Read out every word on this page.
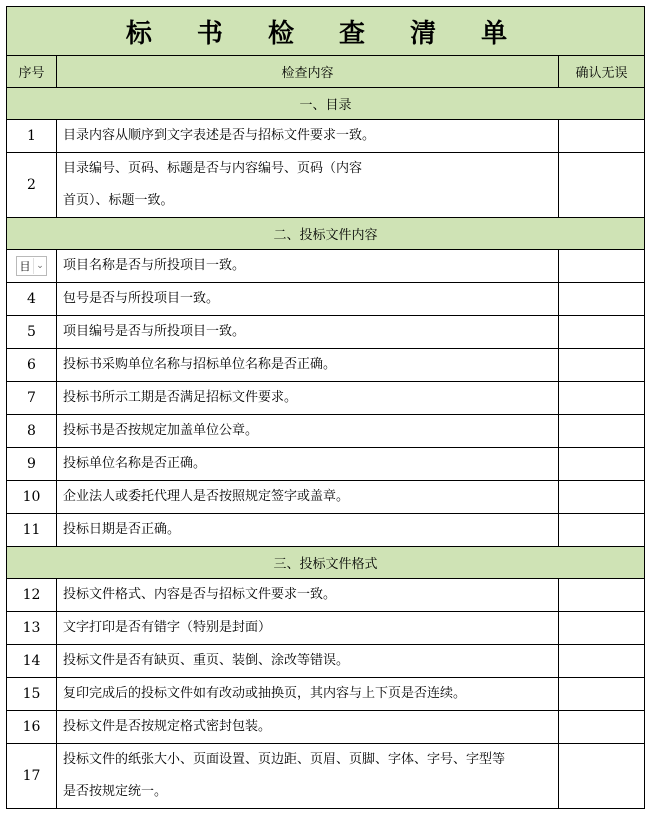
标 书 检 查 清 单		
序号	检查内容	确认无误
一、目录		
1	目录内容从顺序到文字表述是否与招标文件要求一致。	
2	目录编号、页码、标题是否与内容编号、页码（内容
首页）、标题一致。	

二、投标文件内容		

目 ⌄	项目名称是否与所投项目一致。	
4	包号是否与所投项目一致。	
5	项目编号是否与所投项目一致。	
6	投标书采购单位名称与招标单位名称是否正确。	
7	投标书所示工期是否满足招标文件要求。	
8	投标书是否按规定加盖单位公章。	
9	投标单位名称是否正确。	
10	企业法人或委托代理人是否按照规定签字或盖章。	
11	投标日期是否正确。	
三、投标文件格式		
12	投标文件格式、内容是否与招标文件要求一致。	
13	文字打印是否有错字（特别是封面）	
14	投标文件是否有缺页、重页、装倒、涂改等错误。	
15	复印完成后的投标文件如有改动或抽换页，其内容与上下页是否连续。	
16	投标文件是否按规定格式密封包装。	
17	投标文件的纸张大小、页面设置、页边距、页眉、页脚、字体、字号、字型等
是否按规定统一。	
